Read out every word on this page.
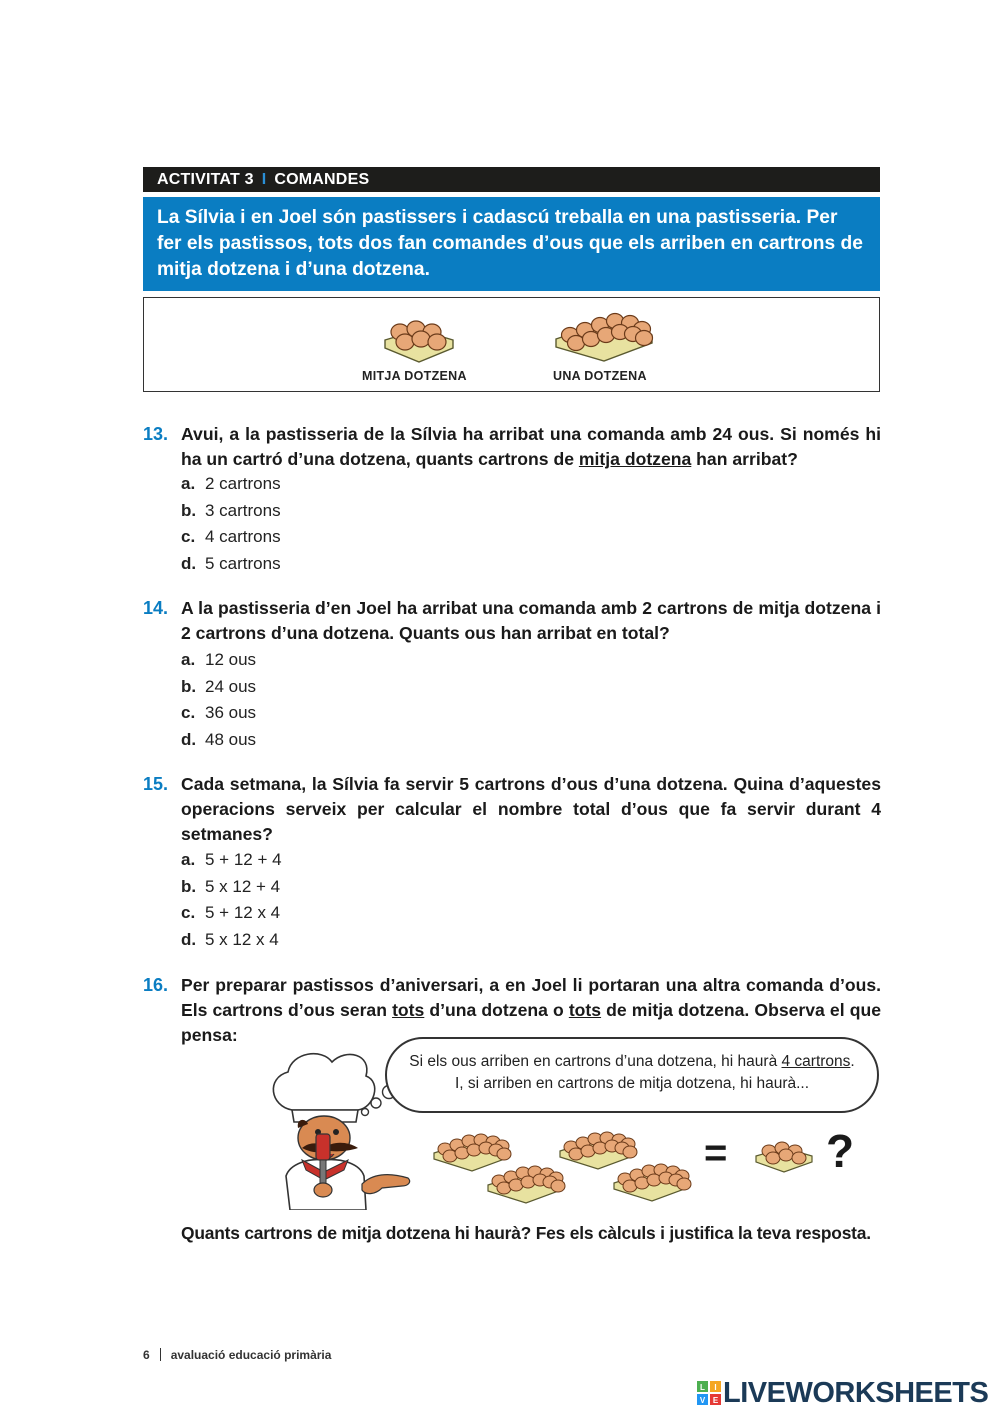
ACTIVITAT 3 I COMANDES
La Sílvia i en Joel són pastissers i cadascú treballa en una pastisseria. Per fer els pastissos, tots dos fan comandes d’ous que els arriben en cartrons de mitja dotzena i d’una dotzena.
MITJA DOTZENA	UNA DOTZENA
13. Avui, a la pastisseria de la Sílvia ha arribat una comanda amb 24 ous. Si només hi ha un cartró d’una dotzena, quants cartrons de mitja dotzena han arribat?
a. 2 cartrons
b. 3 cartrons
c. 4 cartrons
d. 5 cartrons
14. A la pastisseria d’en Joel ha arribat una comanda amb 2 cartrons de mitja dotzena i 2 cartrons d’una dotzena. Quants ous han arribat en total?
a. 12 ous
b. 24 ous
c. 36 ous
d. 48 ous
15. Cada setmana, la Sílvia fa servir 5 cartrons d’ous d’una dotzena. Quina d’aquestes operacions serveix per calcular el nombre total d’ous que fa servir durant 4 setmanes?
a. 5 + 12 + 4
b. 5 x 12 + 4
c. 5 + 12 x 4
d. 5 x 12 x 4
16. Per preparar pastissos d’aniversari, a en Joel li portaran una altra comanda d’ous. Els cartrons d’ous seran tots d’una dotzena o tots de mitja dotzena. Observa el que pensa:
Si els ous arriben en cartrons d’una dotzena, hi haurà 4 cartrons.
I, si arriben en cartrons de mitja dotzena, hi haurà...
= ?
Quants cartrons de mitja dotzena hi haurà? Fes els càlculs i justifica la teva resposta.
6 avaluació educació primària
L I
V E LIVEWORKSHEETS
